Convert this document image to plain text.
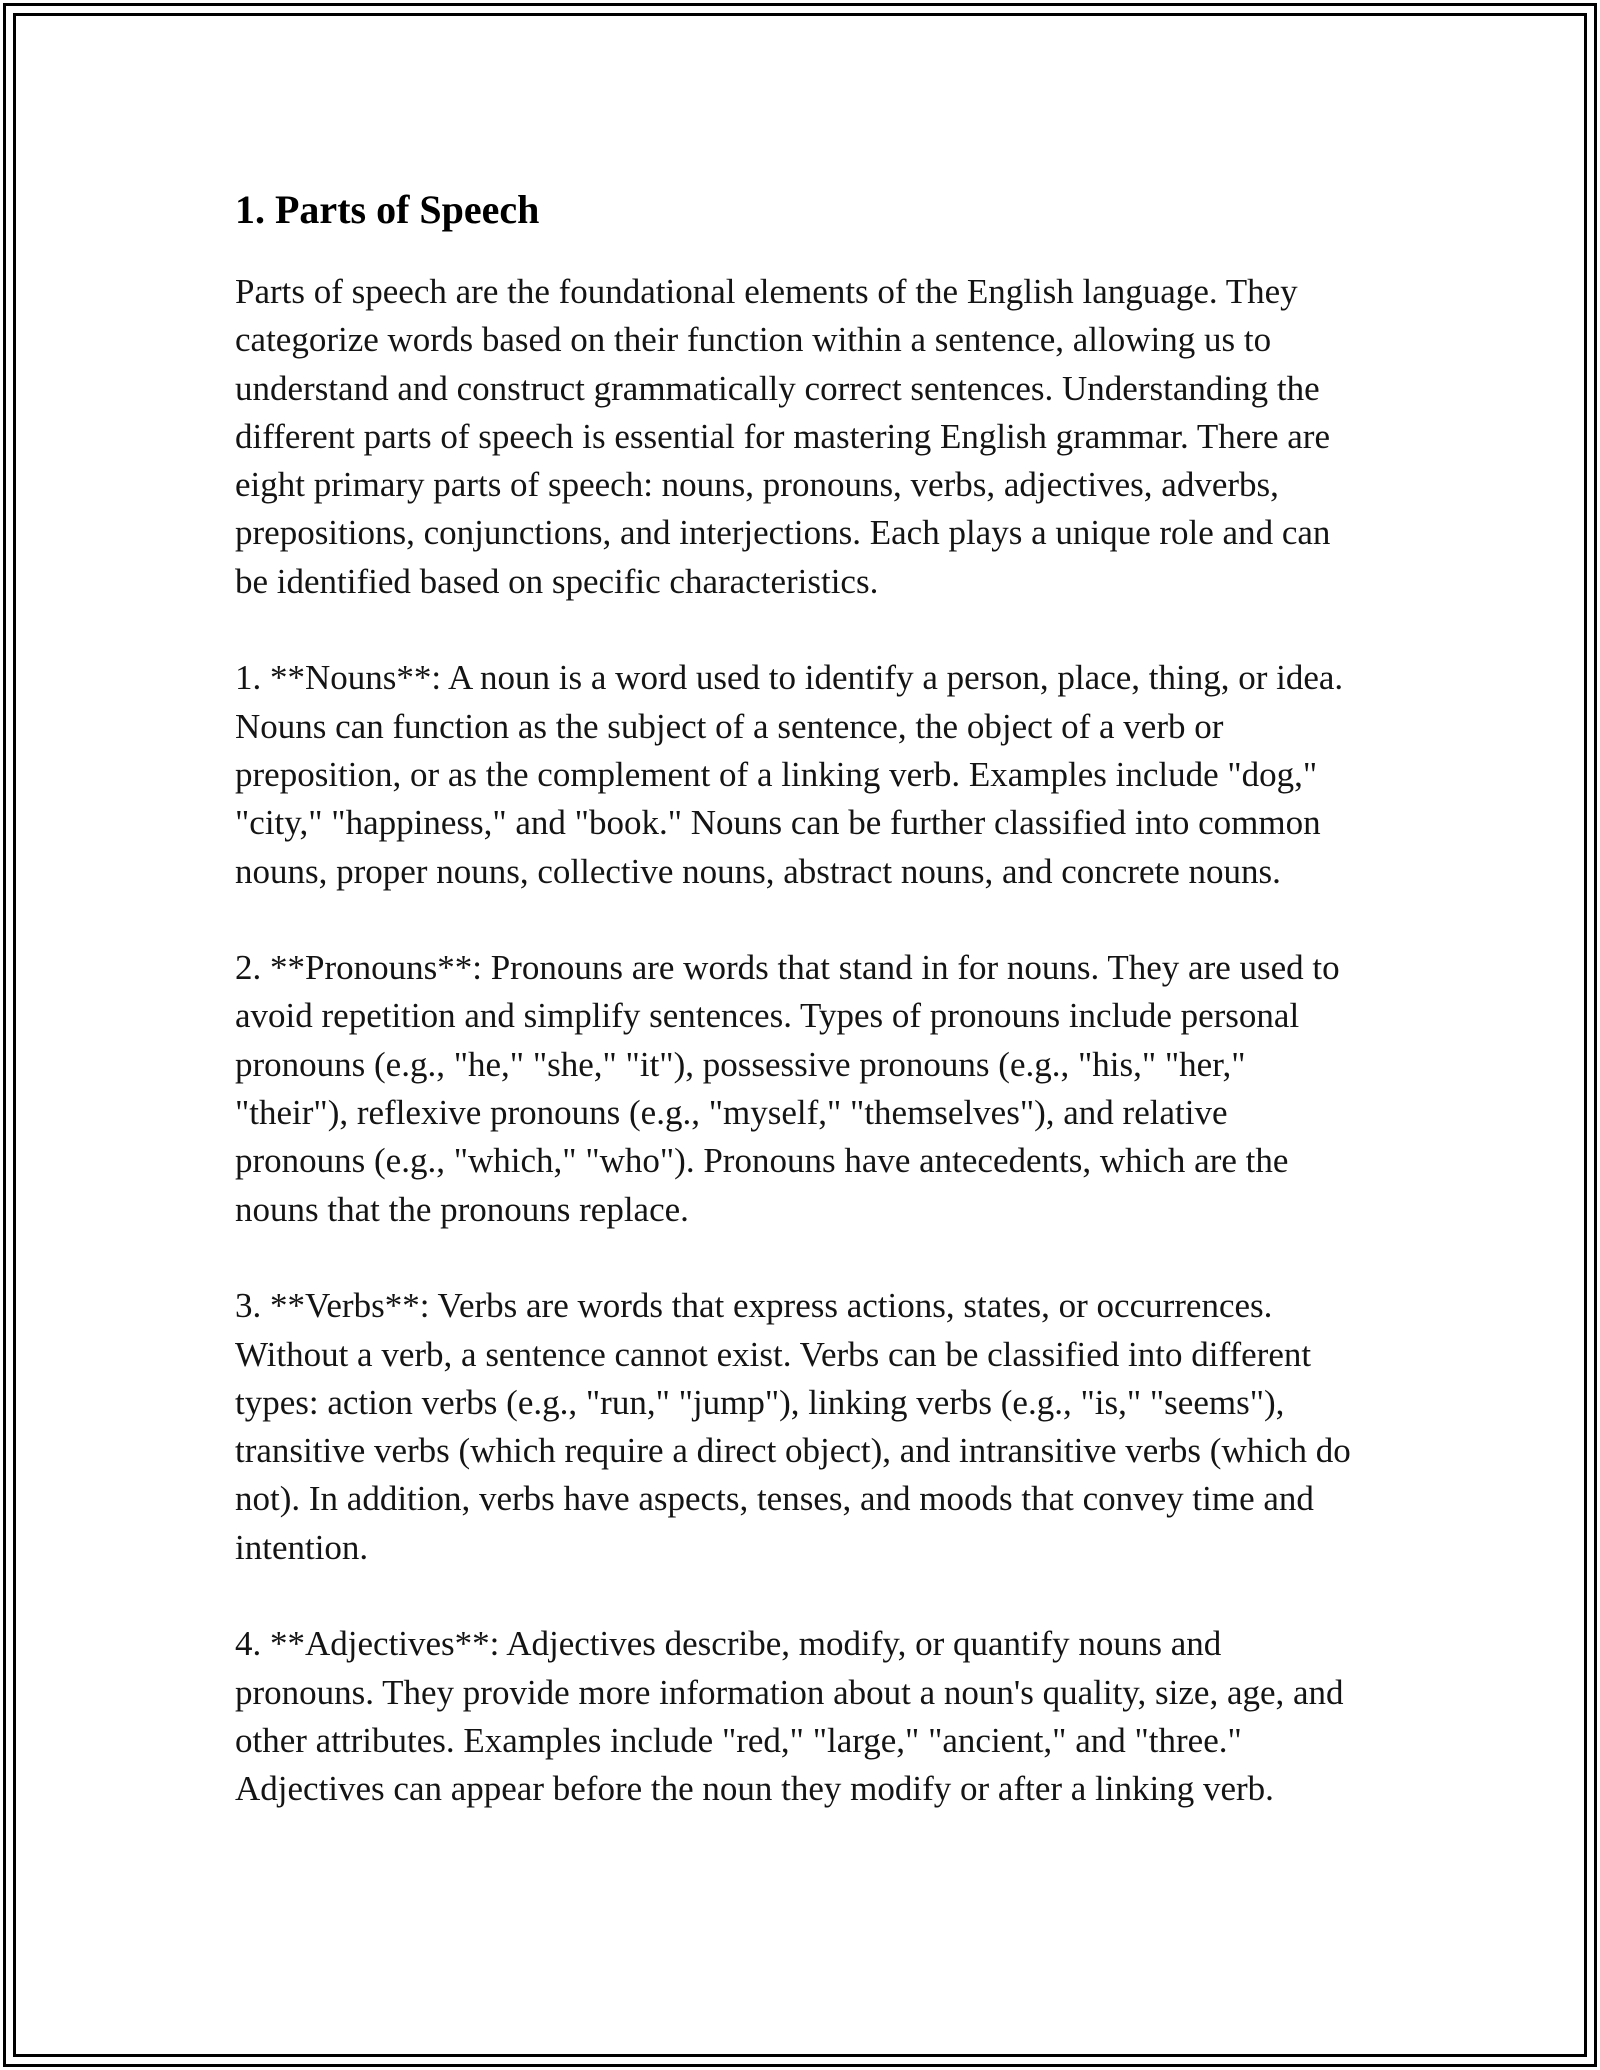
1. Parts of Speech

Parts of speech are the foundational elements of the English language. They categorize words based on their function within a sentence, allowing us to understand and construct grammatically correct sentences. Understanding the different parts of speech is essential for mastering English grammar. There are eight primary parts of speech: nouns, pronouns, verbs, adjectives, adverbs, prepositions, conjunctions, and interjections. Each plays a unique role and can be identified based on specific characteristics.

1. **Nouns**: A noun is a word used to identify a person, place, thing, or idea. Nouns can function as the subject of a sentence, the object of a verb or preposition, or as the complement of a linking verb. Examples include "dog," "city," "happiness," and "book." Nouns can be further classified into common nouns, proper nouns, collective nouns, abstract nouns, and concrete nouns.

2. **Pronouns**: Pronouns are words that stand in for nouns. They are used to avoid repetition and simplify sentences. Types of pronouns include personal pronouns (e.g., "he," "she," "it"), possessive pronouns (e.g., "his," "her," "their"), reflexive pronouns (e.g., "myself," "themselves"), and relative pronouns (e.g., "which," "who"). Pronouns have antecedents, which are the nouns that the pronouns replace.

3. **Verbs**: Verbs are words that express actions, states, or occurrences. Without a verb, a sentence cannot exist. Verbs can be classified into different types: action verbs (e.g., "run," "jump"), linking verbs (e.g., "is," "seems"), transitive verbs (which require a direct object), and intransitive verbs (which do not). In addition, verbs have aspects, tenses, and moods that convey time and intention.

4. **Adjectives**: Adjectives describe, modify, or quantify nouns and pronouns. They provide more information about a noun's quality, size, age, and other attributes. Examples include "red," "large," "ancient," and "three." Adjectives can appear before the noun they modify or after a linking verb.
